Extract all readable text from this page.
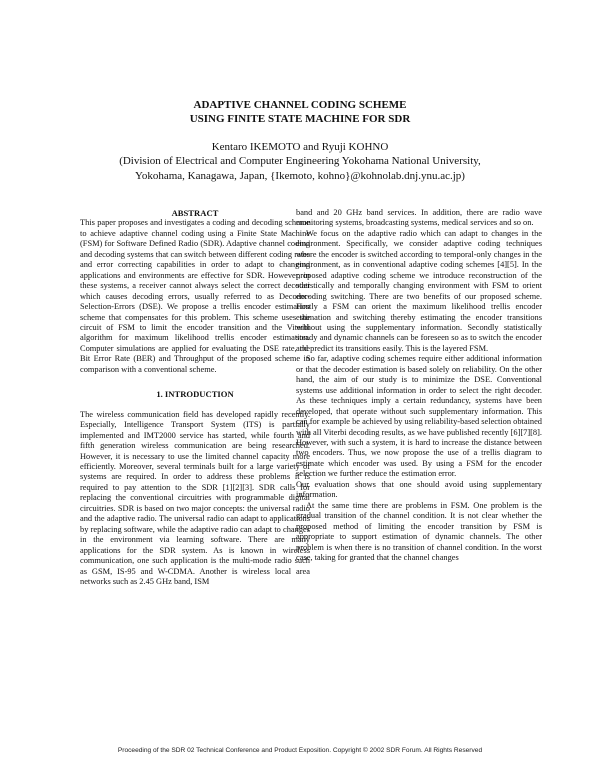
ADAPTIVE CHANNEL CODING SCHEME
USING FINITE STATE MACHINE FOR SDR
Kentaro IKEMOTO and Ryuji KOHNO
(Division of Electrical and Computer Engineering Yokohama National University,
Yokohama, Kanagawa, Japan, {Ikemoto, kohno}@kohnolab.dnj.ynu.ac.jp)

ABSTRACT

This paper proposes and investigates a coding and decoding scheme to achieve adaptive channel coding using a Finite State Machine (FSM) for Software Defined Radio (SDR). Adaptive channel coding and decoding systems that can switch between different coding rates and error correcting capabilities in order to adapt to changing applications and environments are effective for SDR. However, in these systems, a receiver cannot always select the correct decoder which causes decoding errors, usually referred to as Decoder-Selection-Errors (DSE). We propose a trellis encoder estimation scheme that compensates for this problem. This scheme uses the circuit of FSM to limit the encoder transition and the Viterbi algorithm for maximum likelihood trellis encoder estimation. Computer simulations are applied for evaluating the DSE rate, the Bit Error Rate (BER) and Throughput of the proposed scheme in comparison with a conventional scheme.

1. INTRODUCTION

The wireless communication field has developed rapidly recently. Especially, Intelligence Transport System (ITS) is partially implemented and IMT2000 service has started, while fourth and fifth generation wireless communication are being researched. However, it is necessary to use the limited channel capacity more efficiently. Moreover, several terminals built for a large variety of systems are required. In order to address these problems it is required to pay attention to the SDR [1][2][3]. SDR calls for replacing the conventional circuitries with programmable digital circuitries. SDR is based on two major concepts: the universal radio and the adaptive radio. The universal radio can adapt to applications by replacing software, while the adaptive radio can adapt to changes in the environment via learning software. There are many applications for the SDR system. As is known in wireless communication, one such application is the multi-mode radio such as GSM, IS-95 and W-CDMA. Another is wireless local area networks such as 2.45 GHz band, ISM

band and 20 GHz band services. In addition, there are radio wave monitoring systems, broadcasting systems, medical services and so on.

We focus on the adaptive radio which can adapt to changes in the environment. Specifically, we consider adaptive coding techniques where the encoder is switched according to temporal-only changes in the environment, as in conventional adaptive coding schemes [4][5]. In the proposed adaptive coding scheme we introduce reconstruction of the statistically and temporally changing environment with FSM to orient encoding switching. There are two benefits of our proposed scheme. Firstly a FSM can orient the maximum likelihood trellis encoder estimation and switching thereby estimating the encoder transitions without using the supplementary information. Secondly statistically steady and dynamic channels can be foreseen so as to switch the encoder and predict its transitions easily. This is the layered FSM.

So far, adaptive coding schemes require either additional information or that the decoder estimation is based solely on reliability. On the other hand, the aim of our study is to minimize the DSE. Conventional systems use additional information in order to select the right decoder. As these techniques imply a certain redundancy, systems have been developed, that operate without such supplementary information. This can for example be achieved by using reliability-based selection obtained with all Viterbi decoding results, as we have published recently [6][7][8]. However, with such a system, it is hard to increase the distance between two encoders. Thus, we now propose the use of a trellis diagram to estimate which encoder was used. By using a FSM for the encoder selection we further reduce the estimation error.

Our evaluation shows that one should avoid using supplementary information.

At the same time there are problems in FSM. One problem is the gradual transition of the channel condition. It is not clear whether the proposed method of limiting the encoder transition by FSM is appropriate to support estimation of dynamic channels. The other problem is when there is no transition of channel condition. In the worst case, taking for granted that the channel changes

Proceeding of the SDR 02 Technical Conference and Product Exposition. Copyright © 2002 SDR Forum. All Rights Reserved
